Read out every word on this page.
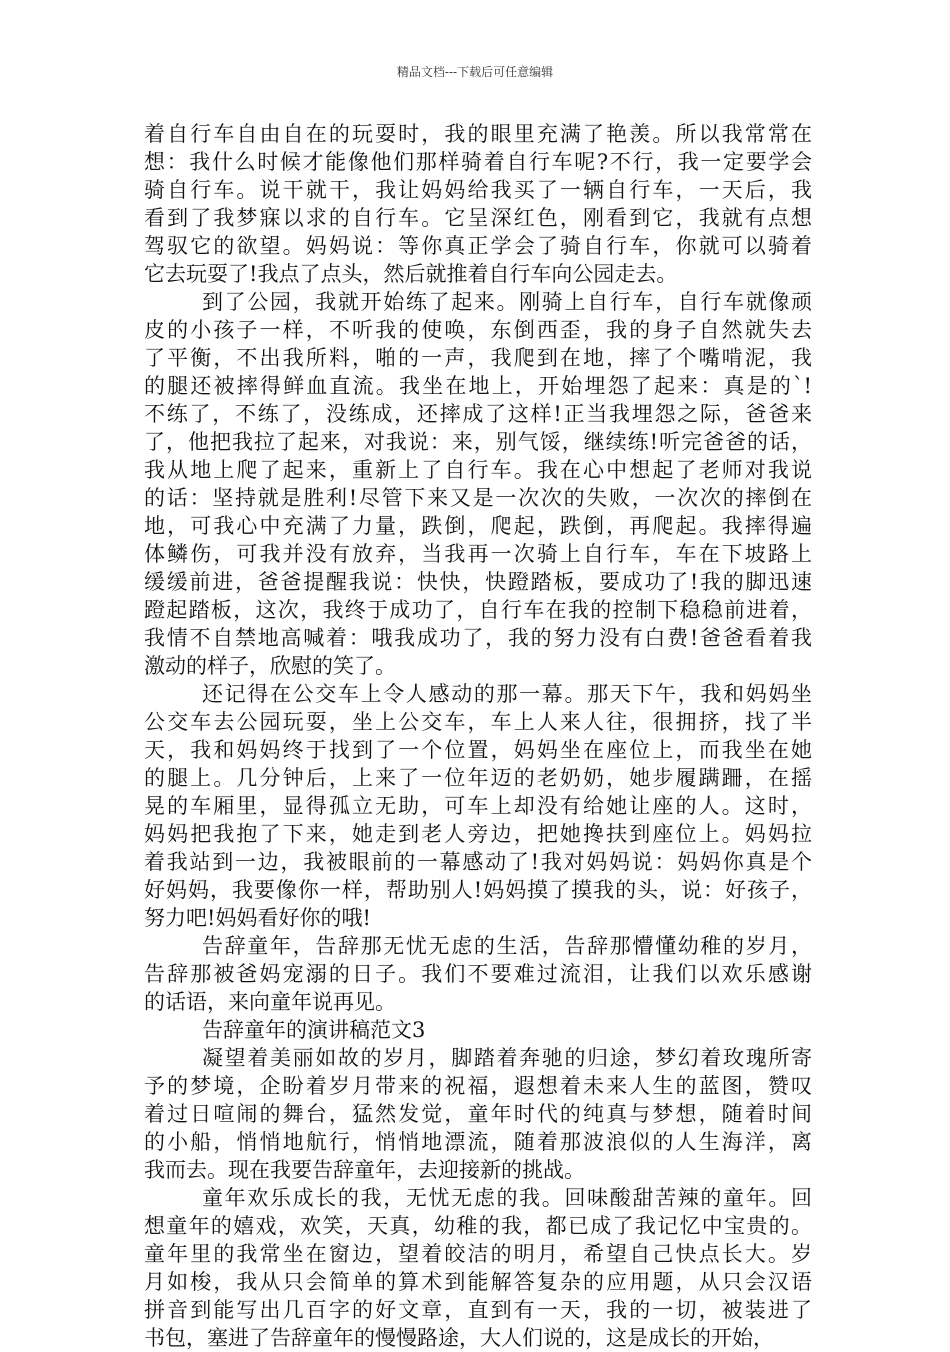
精品文档---下载后可任意编辑
着自行车自由自在的玩耍时，我的眼里充满了艳羡。所以我常常在
想：我什么时候才能像他们那样骑着自行车呢?不行，我一定要学会
骑自行车。说干就干，我让妈妈给我买了一辆自行车，一天后，我
看到了我梦寐以求的自行车。它呈深红色，刚看到它，我就有点想
驾驭它的欲望。妈妈说：等你真正学会了骑自行车，你就可以骑着
它去玩耍了!我点了点头，然后就推着自行车向公园走去。
到了公园，我就开始练了起来。刚骑上自行车，自行车就像顽
皮的小孩子一样，不听我的使唤，东倒西歪，我的身子自然就失去
了平衡，不出我所料，啪的一声，我爬到在地，摔了个嘴啃泥，我
的腿还被摔得鲜血直流。我坐在地上，开始埋怨了起来：真是的`!
不练了，不练了，没练成，还摔成了这样!正当我埋怨之际，爸爸来
了，他把我拉了起来，对我说：来，别气馁，继续练!听完爸爸的话，
我从地上爬了起来，重新上了自行车。我在心中想起了老师对我说
的话：坚持就是胜利!尽管下来又是一次次的失败，一次次的摔倒在
地，可我心中充满了力量，跌倒，爬起，跌倒，再爬起。我摔得遍
体鳞伤，可我并没有放弃，当我再一次骑上自行车，车在下坡路上
缓缓前进，爸爸提醒我说：快快，快蹬踏板，要成功了!我的脚迅速
蹬起踏板，这次，我终于成功了，自行车在我的控制下稳稳前进着，
我情不自禁地高喊着：哦我成功了，我的努力没有白费!爸爸看着我
激动的样子，欣慰的笑了。
还记得在公交车上令人感动的那一幕。那天下午，我和妈妈坐
公交车去公园玩耍，坐上公交车，车上人来人往，很拥挤，找了半
天，我和妈妈终于找到了一个位置，妈妈坐在座位上，而我坐在她
的腿上。几分钟后，上来了一位年迈的老奶奶，她步履蹒跚，在摇
晃的车厢里，显得孤立无助，可车上却没有给她让座的人。这时，
妈妈把我抱了下来，她走到老人旁边，把她搀扶到座位上。妈妈拉
着我站到一边，我被眼前的一幕感动了!我对妈妈说：妈妈你真是个
好妈妈，我要像你一样，帮助别人!妈妈摸了摸我的头，说：好孩子，
努力吧!妈妈看好你的哦!
告辞童年，告辞那无忧无虑的生活，告辞那懵懂幼稚的岁月，
告辞那被爸妈宠溺的日子。我们不要难过流泪，让我们以欢乐感谢
的话语，来向童年说再见。
告辞童年的演讲稿范文3
凝望着美丽如故的岁月，脚踏着奔驰的归途，梦幻着玫瑰所寄
予的梦境，企盼着岁月带来的祝福，遐想着未来人生的蓝图，赞叹
着过日喧闹的舞台，猛然发觉，童年时代的纯真与梦想，随着时间
的小船，悄悄地航行，悄悄地漂流，随着那波浪似的人生海洋，离
我而去。现在我要告辞童年，去迎接新的挑战。
童年欢乐成长的我，无忧无虑的我。回味酸甜苦辣的童年。回
想童年的嬉戏，欢笑，天真，幼稚的我，都已成了我记忆中宝贵的。
童年里的我常坐在窗边，望着皎洁的明月，希望自己快点长大。岁
月如梭，我从只会简单的算术到能解答复杂的应用题，从只会汉语
拼音到能写出几百字的好文章，直到有一天，我的一切，被装进了
书包，塞进了告辞童年的慢慢路途，大人们说的，这是成长的开始，
